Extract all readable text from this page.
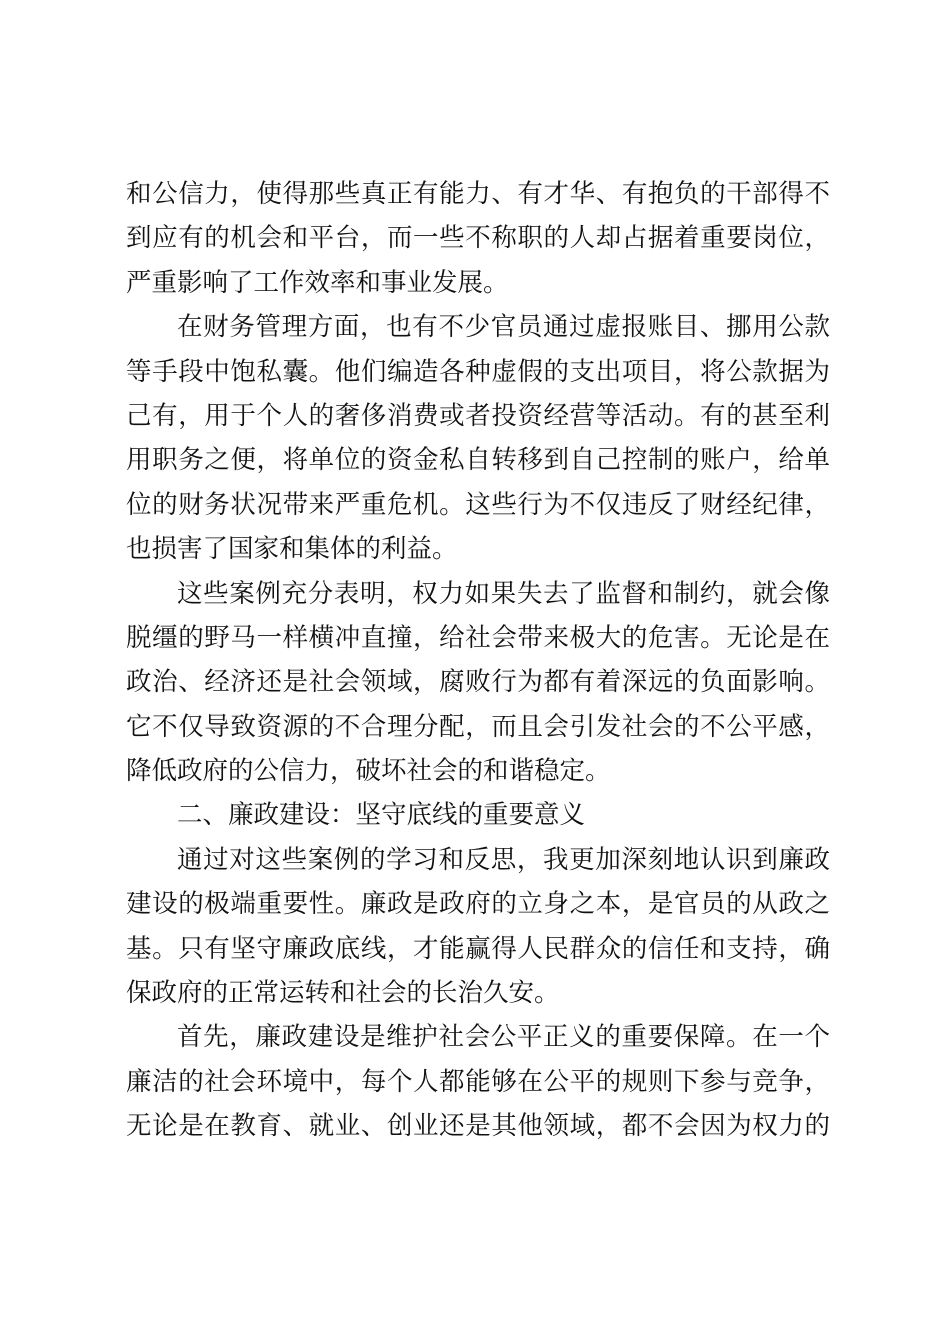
和公信力，使得那些真正有能力、有才华、有抱负的干部得不
到应有的机会和平台，而一些不称职的人却占据着重要岗位，
严重影响了工作效率和事业发展。
在财务管理方面，也有不少官员通过虚报账目、挪用公款
等手段中饱私囊。他们编造各种虚假的支出项目，将公款据为
己有，用于个人的奢侈消费或者投资经营等活动。有的甚至利
用职务之便，将单位的资金私自转移到自己控制的账户，给单
位的财务状况带来严重危机。这些行为不仅违反了财经纪律，
也损害了国家和集体的利益。
这些案例充分表明，权力如果失去了监督和制约，就会像
脱缰的野马一样横冲直撞，给社会带来极大的危害。无论是在
政治、经济还是社会领域，腐败行为都有着深远的负面影响。
它不仅导致资源的不合理分配，而且会引发社会的不公平感，
降低政府的公信力，破坏社会的和谐稳定。
二、廉政建设：坚守底线的重要意义
通过对这些案例的学习和反思，我更加深刻地认识到廉政
建设的极端重要性。廉政是政府的立身之本，是官员的从政之
基。只有坚守廉政底线，才能赢得人民群众的信任和支持，确
保政府的正常运转和社会的长治久安。
首先，廉政建设是维护社会公平正义的重要保障。在一个
廉洁的社会环境中，每个人都能够在公平的规则下参与竞争，
无论是在教育、就业、创业还是其他领域，都不会因为权力的
